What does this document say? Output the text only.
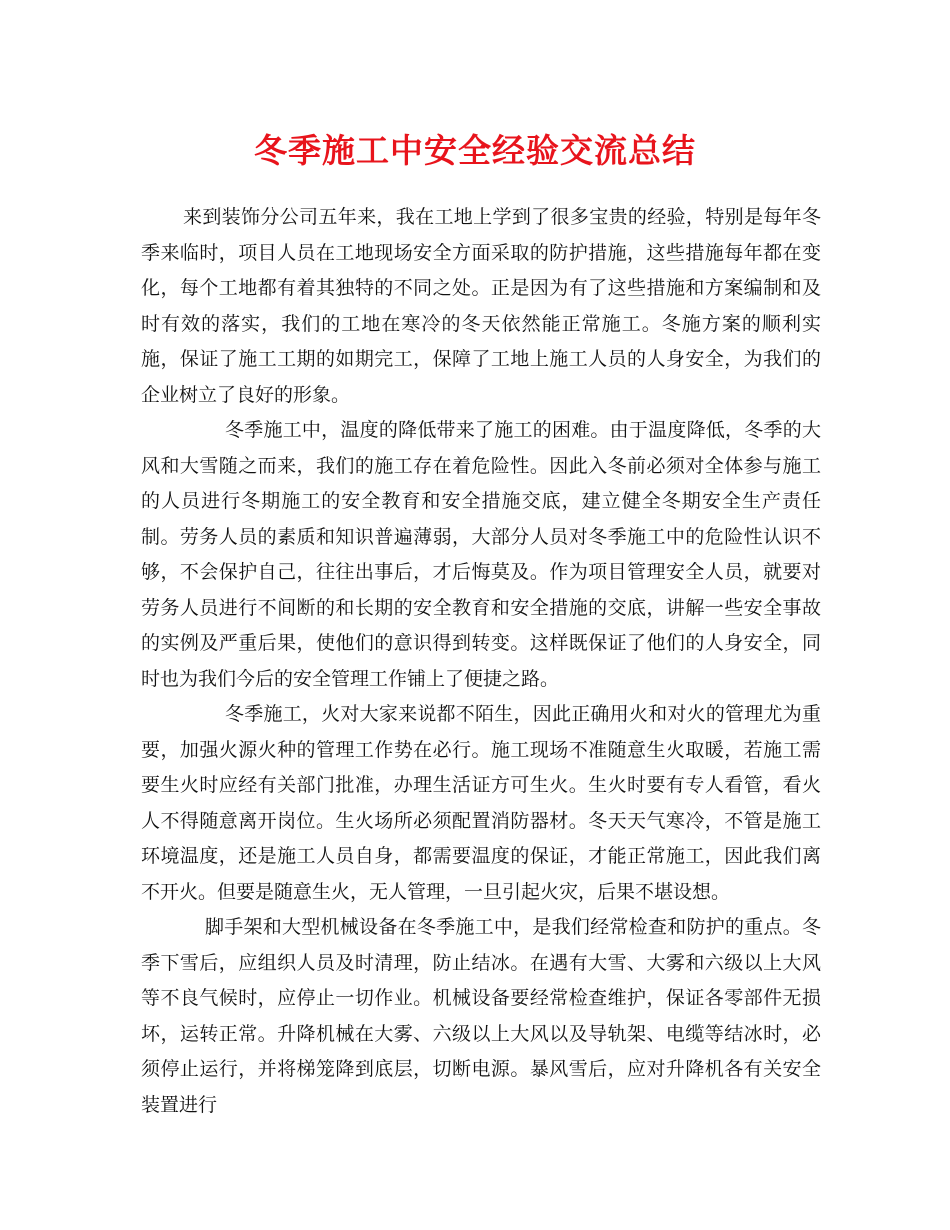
冬季施工中安全经验交流总结

来到装饰分公司五年来，我在工地上学到了很多宝贵的经验，特别是每年冬季来临时，项目人员在工地现场安全方面采取的防护措施，这些措施每年都在变化，每个工地都有着其独特的不同之处。正是因为有了这些措施和方案编制和及时有效的落实，我们的工地在寒冷的冬天依然能正常施工。冬施方案的顺利实施，保证了施工工期的如期完工，保障了工地上施工人员的人身安全，为我们的企业树立了良好的形象。

冬季施工中，温度的降低带来了施工的困难。由于温度降低，冬季的大风和大雪随之而来，我们的施工存在着危险性。因此入冬前必须对全体参与施工的人员进行冬期施工的安全教育和安全措施交底，建立健全冬期安全生产责任制。劳务人员的素质和知识普遍薄弱，大部分人员对冬季施工中的危险性认识不够，不会保护自己，往往出事后，才后悔莫及。作为项目管理安全人员，就要对劳务人员进行不间断的和长期的安全教育和安全措施的交底，讲解一些安全事故的实例及严重后果，使他们的意识得到转变。这样既保证了他们的人身安全，同时也为我们今后的安全管理工作铺上了便捷之路。

冬季施工，火对大家来说都不陌生，因此正确用火和对火的管理尤为重要，加强火源火种的管理工作势在必行。施工现场不准随意生火取暖，若施工需要生火时应经有关部门批准，办理生活证方可生火。生火时要有专人看管，看火人不得随意离开岗位。生火场所必须配置消防器材。冬天天气寒冷，不管是施工环境温度，还是施工人员自身，都需要温度的保证，才能正常施工，因此我们离不开火。但要是随意生火，无人管理，一旦引起火灾，后果不堪设想。

脚手架和大型机械设备在冬季施工中，是我们经常检查和防护的重点。冬季下雪后，应组织人员及时清理，防止结冰。在遇有大雪、大雾和六级以上大风等不良气候时，应停止一切作业。机械设备要经常检查维护，保证各零部件无损坏，运转正常。升降机械在大雾、六级以上大风以及导轨架、电缆等结冰时，必须停止运行，并将梯笼降到底层，切断电源。暴风雪后，应对升降机各有关安全装置进行
